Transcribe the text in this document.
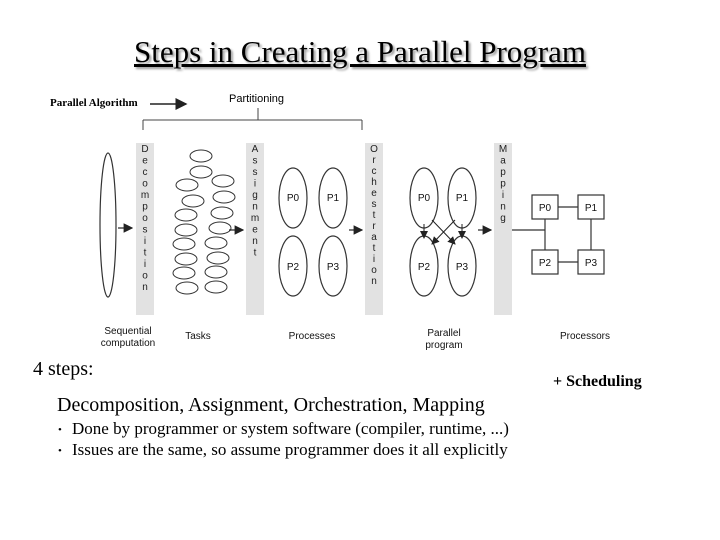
Steps in Creating a Parallel Program
Parallel Algorithm	Partitioning
P0	P1
P2	P3
P0	P1
P2	P3
P0	P1
P2	P3
D
e
c
o
m
p
o
s
i
t
i
o
n
A
s
s
i
g
n
m
e
n
t
O
r
c
h
e
s
t
r
a
t
i
o
n
M
a
p
p
i
n
g
Sequential
computation
Tasks	Processes	Parallel
program
Processors
4 steps:
+ Scheduling
Decomposition, Assignment, Orchestration, Mapping
• Done by programmer or system software (compiler, runtime, ...)
• Issues are the same, so assume programmer does it all explicitly
